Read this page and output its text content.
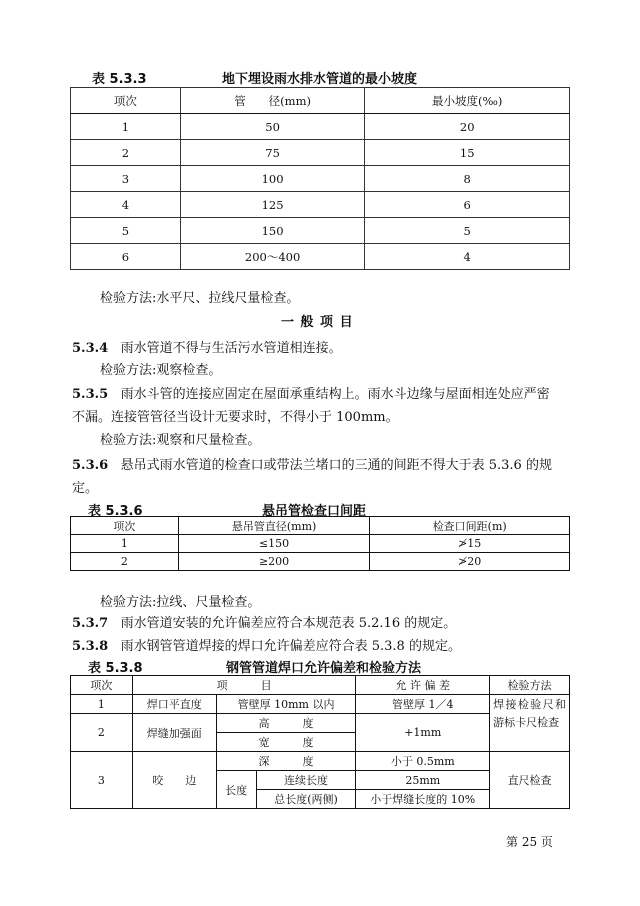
表 5.3.3	地下埋设雨水排水管道的最小坡度
项次	管　　径(mm)	最小坡度(‰)
1	50	20
2	75	15
3	100	8
4	125	6
5	150	5
6	200～400	4
检验方法:水平尺、拉线尺量检查。
一 般 项 目
5.3.4 雨水管道不得与生活污水管道相连接。
检验方法:观察检查。
5.3.5 雨水斗管的连接应固定在屋面承重结构上。雨水斗边缘与屋面相连处应严密
不漏。连接管管径当设计无要求时，不得小于 100mm。
检验方法:观察和尺量检查。
5.3.6 悬吊式雨水管道的检查口或带法兰堵口的三通的间距不得大于表 5.3.6 的规
定。
表 5.3.6	悬吊管检查口间距
项次	悬吊管直径(mm)	检查口间距(m)
1	≤150	≯15
2	≥200	≯20
检验方法:拉线、尺量检查。
5.3.7 雨水管道安装的允许偏差应符合本规范表 5.2.16 的规定。
5.3.8 雨水钢管管道焊接的焊口允许偏差应符合表 5.3.8 的规定。
表 5.3.8	钢管管道焊口允许偏差和检验方法
项次	项　　　目			允 许 偏 差	检验方法
1	焊口平直度	管壁厚 10mm 以内		管壁厚 1／4	焊接检验尺和游标卡尺检查
2	焊缝加强面	高　　　度		+1mm	
		宽　　　度			
3	咬　　边	深　　　度		小于 0.5mm	直尺检查
		长度	连续长度	25mm	
			总长度(两侧)	小于焊缝长度的 10%	
第 25 页
